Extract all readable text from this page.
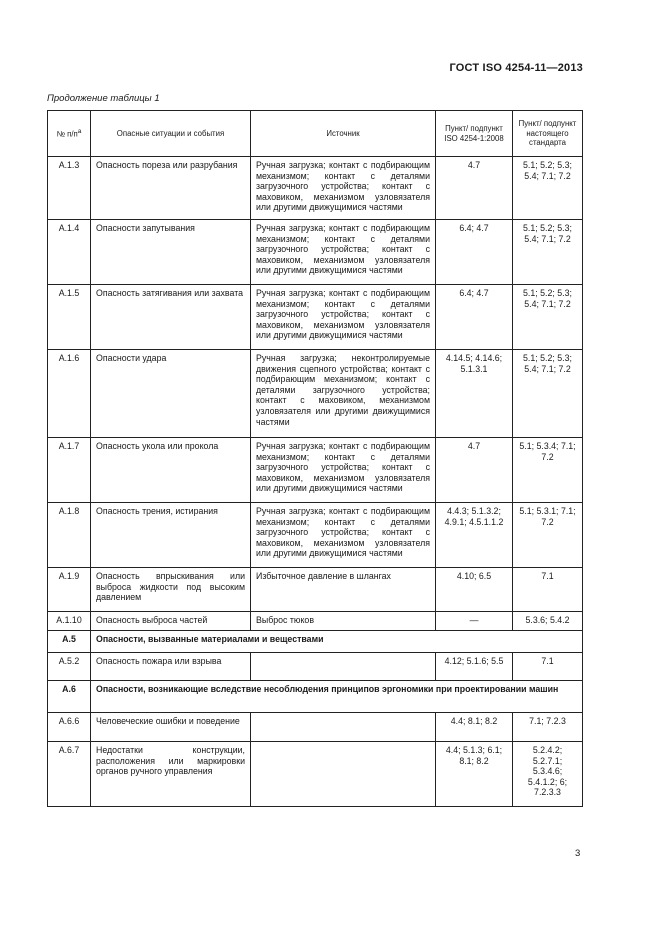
ГОСТ ISO 4254-11—2013
Продолжение таблицы 1
№ $п/п^а$	Опасные ситуации и события	Источник	Пункт/ подпункт ISO 4254-1:2008	Пункт/ подпункт настоящего стандарта
А.1.3	Опасность пореза или разрубания	Ручная загрузка; контакт с подбирающим механизмом; контакт с деталями загрузочного устройства; контакт с маховиком, механизмом узловязателя или другими движущимися частями	4.7	5.1; 5.2; 5.3; 5.4; 7.1; 7.2
А.1.4	Опасности запутывания	Ручная загрузка; контакт с подбирающим механизмом; контакт с деталями загрузочного устройства; контакт с маховиком, механизмом узловязателя или другими движущимися частями	6.4; 4.7	5.1; 5.2; 5.3; 5.4; 7.1; 7.2
А.1.5	Опасность затягивания или захвата	Ручная загрузка; контакт с подбирающим механизмом; контакт с деталями загрузочного устройства; контакт с маховиком, механизмом узловязателя или другими движущимися частями	6.4; 4.7	5.1; 5.2; 5.3; 5.4; 7.1; 7.2
А.1.6	Опасности удара	Ручная загрузка; неконтролируемые движения сцепного устройства; контакт с подбирающим механизмом; контакт с деталями загрузочного устройства; контакт с маховиком, механизмом узловязателя или другими движущимися частями	4.14.5; 4.14.6; 5.1.3.1	5.1; 5.2; 5.3; 5.4; 7.1; 7.2
А.1.7	Опасность укола или прокола	Ручная загрузка; контакт с подбирающим механизмом; контакт с деталями загрузочного устройства; контакт с маховиком, механизмом узловязателя или другими движущимися частями	4.7	5.1; 5.3.4; 7.1; 7.2
А.1.8	Опасность трения, истирания	Ручная загрузка; контакт с подбирающим механизмом; контакт с деталями загрузочного устройства; контакт с маховиком, механизмом узловязателя или другими движущимися частями	4.4.3; 5.1.3.2; 4.9.1; 4.5.1.1.2	5.1; 5.3.1; 7.1; 7.2
А.1.9	Опасность впрыскивания или выброса жидкости под высоким давлением	Избыточное давление в шлангах	4.10; 6.5	7.1
А.1.10	Опасность выброса частей	Выброс тюков	—	5.3.6; 5.4.2
А.5	Опасности, вызванные материалами и веществами			
А.5.2	Опасность пожара или взрыва		4.12; 5.1.6; 5.5	7.1
А.6	Опасности, возникающие вследствие несоблюдения принципов эргономики при проектировании машин			
А.6.6	Человеческие ошибки и поведение		4.4; 8.1; 8.2	7.1; 7.2.3
А.6.7	Недостатки конструкции, расположения или маркировки органов ручного управления		4.4; 5.1.3; 6.1; 8.1; 8.2	5.2.4.2; 5.2.7.1; 5.3.4.6; 5.4.1.2; 6; 7.2.3.3
3
